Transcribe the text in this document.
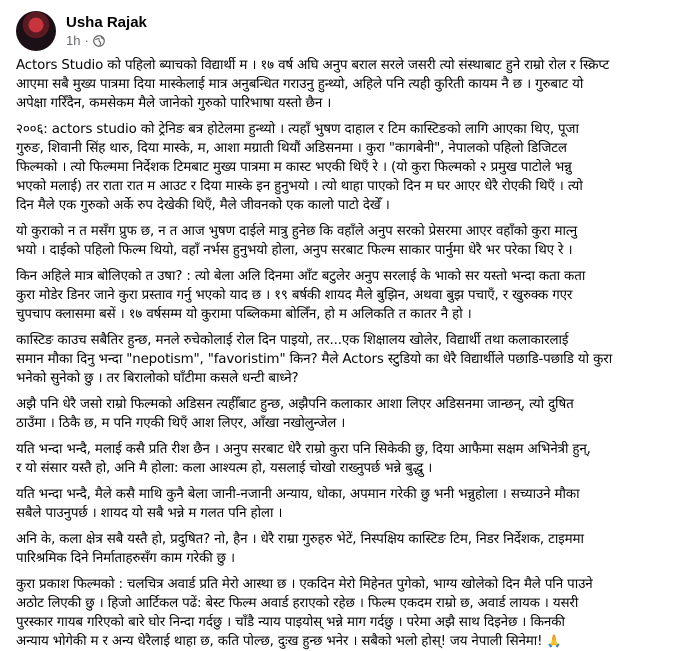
Usha Rajak
1h ·

Actors Studio को पहिलो ब्याचको विद्यार्थी म । १७ वर्ष अघि अनुप बराल सरले जसरी त्यो संस्थाबाट हुने राम्रो रोल र स्क्रिप्ट
आएमा सबै मुख्य पात्रमा दिया मास्केलाई मात्र अनुबन्धित गराउनु हुन्थ्यो, अहिले पनि त्यही कुरिती कायम नै छ । गुरुबाट यो
अपेक्षा गरिँदैन, कमसेकम मैले जानेको गुरुको पारिभाषा यस्तो छैन ।

२००६: actors studio को ट्रेनिङ बत्र होटेलमा हुन्थ्यो । त्यहाँ भुषण दाहाल र टिम कास्टिङको लागि आएका थिए, पूजा
गुरुङ, शिवानी सिंह थारु, दिया मास्के, म, आशा मग्राती थियौं अडिसनमा । कुरा "कागबेनी", नेपालको पहिलो डिजिटल
फिल्मको । त्यो फिल्ममा निर्देशक टिमबाट मुख्य पात्रमा म कास्ट भएकी थिएँ रे । (यो कुरा फिल्मको २ प्रमुख पाटोले भन्नु
भएको मलाई) तर राता रात म आउट र दिया मास्के इन हुनुभयो । त्यो थाहा पाएको दिन म घर आएर धेरै रोएकी थिएँ । त्यो
दिन मैले एक गुरुको अर्के रुप देखेकी थिएँ, मैले जीवनको एक कालो पाटो देखेँ ।

यो कुराको न त मसँग प्रुफ छ, न त आज भुषण दाईले मात्रु हुनेछ कि वहाँले अनुप सरको प्रेसरमा आएर वहाँको कुरा मात्नु
भयो । दाईको पहिलो फिल्म थियो, वहाँ नर्भस हुनुभयो होला, अनुप सरबाट फिल्म साकार पार्नुमा धेरै भर परेका थिए रे ।

किन अहिले मात्र बोलिएको त उषा? : त्यो बेला अलि दिनमा आँट बटुलेर अनुप सरलाई के भाको सर यस्तो भन्दा कता कता
कुरा मोडेर डिनर जाने कुरा प्रस्ताव गर्नु भएको याद छ । १९ बर्षकी शायद मैले बुझिन, अथवा बुझ पचाएँ, र खुरुक्क गएर
चुपचाप क्लासमा बसें । १७ वर्षसम्म यो कुरामा पब्लिकमा बोलिँन, हो म अलिकति त कातर नै हो ।

कास्टिङ काउच सबैतिर हुन्छ, मनले रुचेकोलाई रोल दिन पाइयो, तर...एक शिक्षालय खोलेर, विद्यार्थी तथा कलाकारलाई
समान मौका दिनु भन्दा "nepotism", "favoristim" किन? मैले Actors स्टुडियो का धेरै विद्यार्थीले पछाडि-पछाडि यो कुरा
भनेको सुनेको छु । तर बिरालोको घाँटीमा कसले धन्टी बाध्ने?

अझै पनि धेरै जसो राम्रो फिल्मको अडिसन त्यहीँबाट हुन्छ, अझैपनि कलाकार आशा लिएर अडिसनमा जान्छन्, त्यो दुषित
ठाउँमा । ठिकै छ, म पनि गएकी थिएँ आश लिएर, आँखा नखोलुन्जेल ।

यति भन्दा भन्दै, मलाई कसै प्रति रीश छैन । अनुप सरबाट धेरै राम्रो कुरा पनि सिकेकी छु, दिया आफैमा सक्षम अभिनेत्री हुन्,
र यो संसार यस्तै हो, अनि मै होला: कला आश्यत्म हो, यसलाई चोखो राख्नुपर्छ भन्ने बुद्धु ।

यति भन्दा भन्दै, मैले कसै माथि कुनै बेला जानी-नजानी अन्याय, धोका, अपमान गरेकी छु भनी भन्नुहोला । सच्याउने मौका
सबैले पाउनुपर्छ । शायद यो सबै भन्ने म गलत पनि होला ।

अनि के, कला क्षेत्र सबै यस्तै हो, प्रदुषित? नो, हैन । धेरै राम्रा गुरुहरु भेटें, निस्पक्षिय कास्टिङ टिम, निडर निर्देशक, टाइममा
पारिश्रमिक दिने निर्माताहरुसँग काम गरेकी छु ।

कुरा प्रकाश फिल्मको : चलचित्र अवार्ड प्रति मेरो आस्था छ । एकदिन मेरो मिहेनत पुगेको, भाग्य खोलेको दिन मैले पनि पाउने
अठोट लिएकी छु । हिजो आर्टिकल पढें: बेस्ट फिल्म अवार्ड हराएको रहेछ । फिल्म एकदम राम्रो छ, अवार्ड लायक । यसरी
पुरस्कार गायब गरिएको बारे घोर निन्दा गर्दछु । चाँडै न्याय पाइयोस् भन्ने माग गर्दछु । परेमा अझै साथ दिइनेछ । किनकी
अन्याय भोगेकी म र अन्य धेरैलाई थाहा छ, कति पोल्छ, दुःख हुन्छ भनेर । सबैको भलो होस्! जय नेपाली सिनेमा! 🙏
